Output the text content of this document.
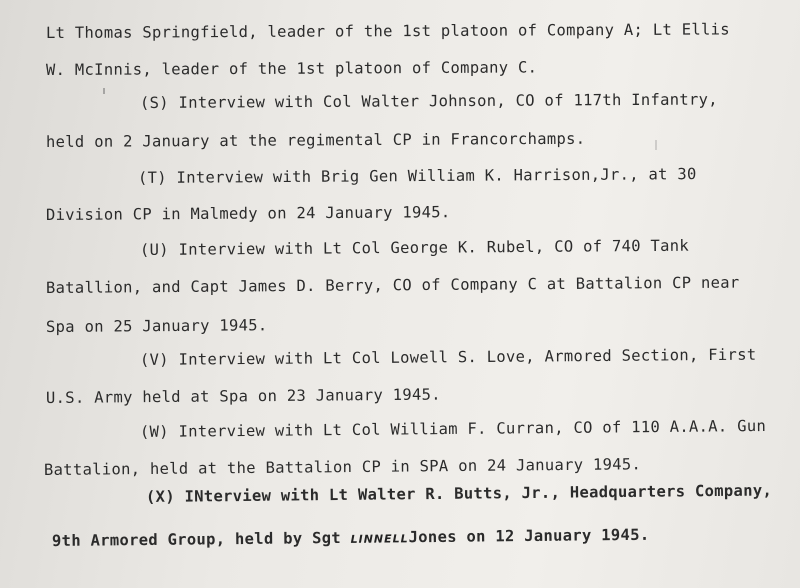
Lt Thomas Springfield, leader of the 1st platoon of Company A; Lt Ellis
W. McInnis, leader of the 1st platoon of Company C.
(S) Interview with Col Walter Johnson, CO of 117th Infantry,
held on 2 January at the regimental CP in Francorchamps.
(T) Interview with Brig Gen William K. Harrison,Jr., at 30
Division CP in Malmedy on 24 January 1945.
(U) Interview with Lt Col George K. Rubel, CO of 740 Tank
Batallion, and Capt James D. Berry, CO of Company C at Battalion CP near
Spa on 25 January 1945.
(V) Interview with Lt Col Lowell S. Love, Armored Section, First
U.S. Army held at Spa on 23 January 1945.
(W) Interview with Lt Col William F. Curran, CO of 110 A.A.A. Gun
Battalion, held at the Battalion CP in SPA on 24 January 1945.
(X) INterview with Lt Walter R. Butts, Jr., Headquarters Company,
9th Armored Group, held by Sgt LINNELLJones on 12 January 1945.
